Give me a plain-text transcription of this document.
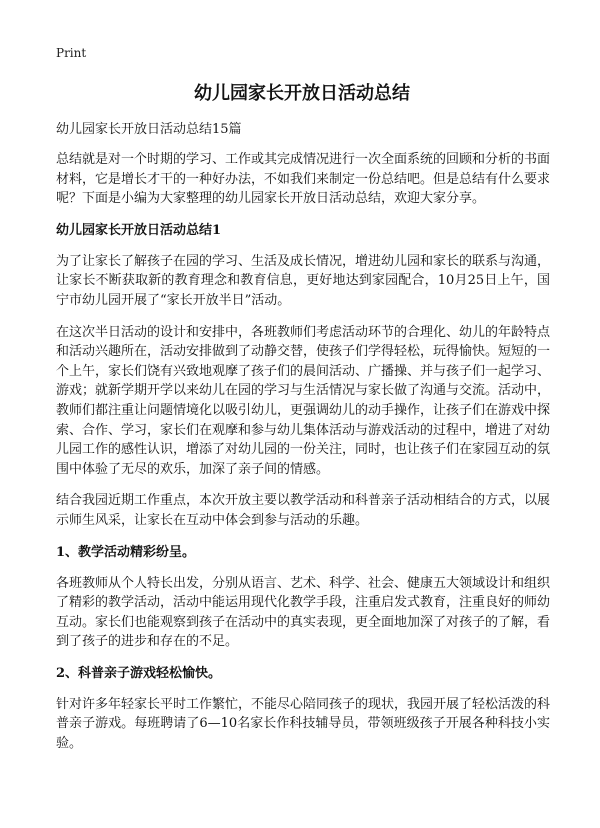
Print
幼儿园家长开放日活动总结
幼儿园家长开放日活动总结15篇

总结就是对一个时期的学习、工作或其完成情况进行一次全面系统的回顾和分析的书面材料，它是增长才干的一种好办法，不如我们来制定一份总结吧。但是总结有什么要求呢？下面是小编为大家整理的幼儿园家长开放日活动总结，欢迎大家分享。

幼儿园家长开放日活动总结1

为了让家长了解孩子在园的学习、生活及成长情况，增进幼儿园和家长的联系与沟通，让家长不断获取新的教育理念和教育信息，更好地达到家园配合，10月25日上午，国宁市幼儿园开展了“家长开放半日”活动。

在这次半日活动的设计和安排中，各班教师们考虑活动环节的合理化、幼儿的年龄特点和活动兴趣所在，活动安排做到了动静交替，使孩子们学得轻松，玩得愉快。短短的一个上午，家长们饶有兴致地观摩了孩子们的晨间活动、广播操、并与孩子们一起学习、游戏；就新学期开学以来幼儿在园的学习与生活情况与家长做了沟通与交流。活动中，教师们都注重让问题情境化以吸引幼儿，更强调幼儿的动手操作，让孩子们在游戏中探索、合作、学习，家长们在观摩和参与幼儿集体活动与游戏活动的过程中，增进了对幼儿园工作的感性认识，增添了对幼儿园的一份关注，同时，也让孩子们在家园互动的氛围中体验了无尽的欢乐，加深了亲子间的情感。

结合我园近期工作重点，本次开放主要以教学活动和科普亲子活动相结合的方式，以展示师生风采，让家长在互动中体会到参与活动的乐趣。

1、教学活动精彩纷呈。

各班教师从个人特长出发，分别从语言、艺术、科学、社会、健康五大领域设计和组织了精彩的教学活动，活动中能运用现代化教学手段，注重启发式教育，注重良好的师幼互动。家长们也能观察到孩子在活动中的真实表现，更全面地加深了对孩子的了解，看到了孩子的进步和存在的不足。

2、科普亲子游戏轻松愉快。

针对许多年轻家长平时工作繁忙，不能尽心陪同孩子的现状，我园开展了轻松活泼的科普亲子游戏。每班聘请了6—10名家长作科技辅导员，带领班级孩子开展各种科技小实验。
